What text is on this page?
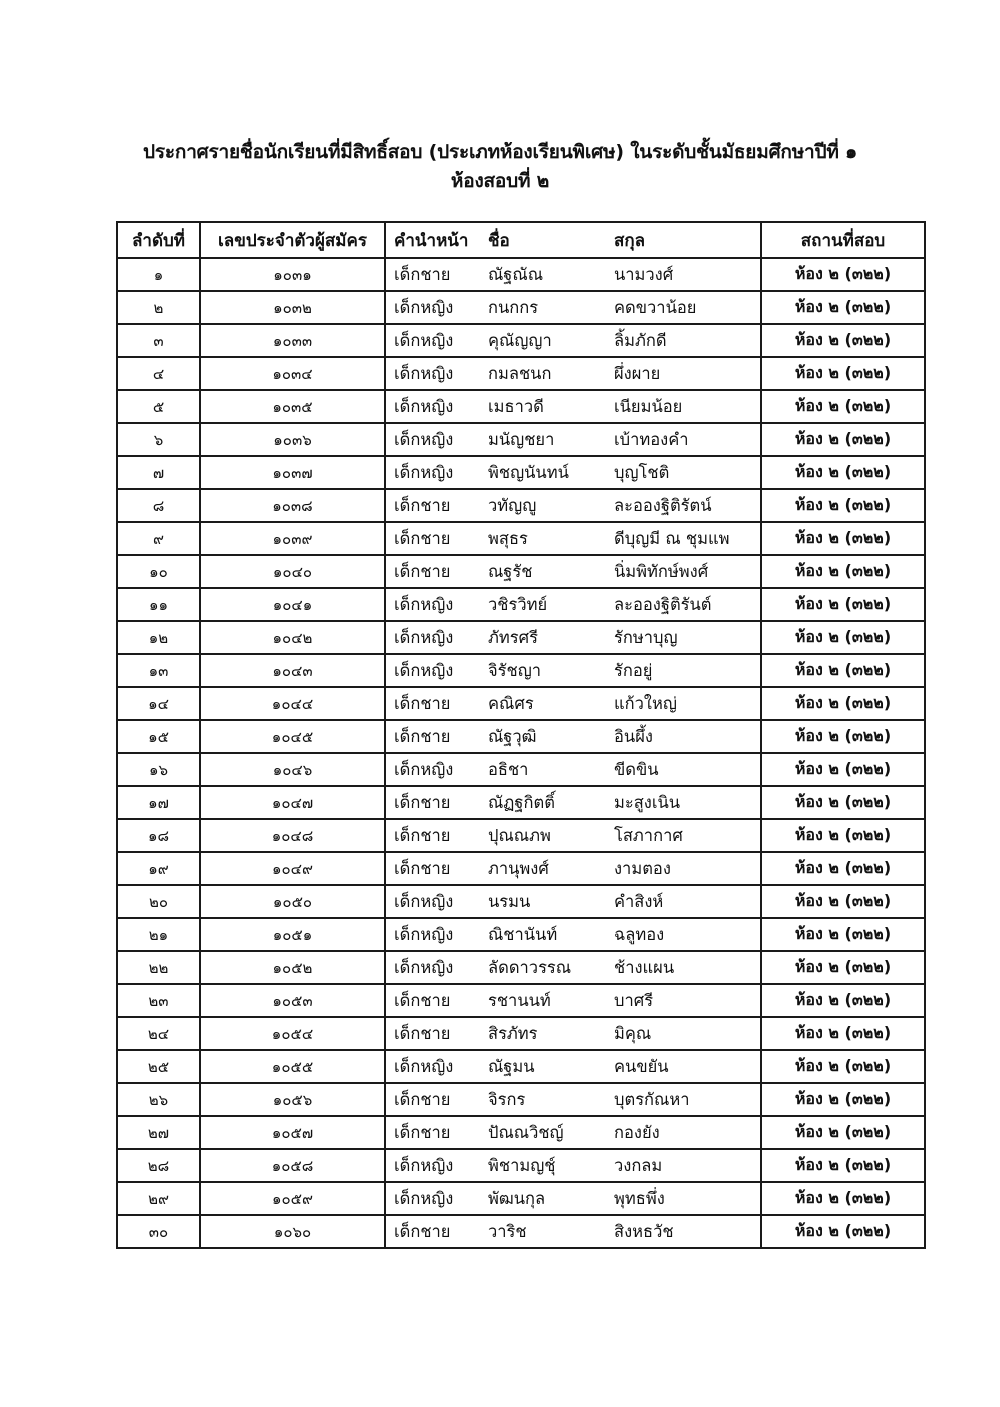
ประกาศรายชื่อนักเรียนที่มีสิทธิ์สอบ (ประเภทห้องเรียนพิเศษ) ในระดับชั้นมัธยมศึกษาปีที่ ๑
ห้องสอบที่ ๒
ลำดับที่	เลขประจำตัวผู้สมัคร	คำนำหน้า	ชื่อ	สกุล	สถานที่สอบ
๑	๑๐๓๑	เด็กชาย	ณัฐณัณ	นามวงศ์	ห้อง ๒ (๓๒๒)
๒	๑๐๓๒	เด็กหญิง	กนกกร	คดขวาน้อย	ห้อง ๒ (๓๒๒)
๓	๑๐๓๓	เด็กหญิง	คุณัญญา	ลิ้มภักดี	ห้อง ๒ (๓๒๒)
๔	๑๐๓๔	เด็กหญิง	กมลชนก	ผึ่งผาย	ห้อง ๒ (๓๒๒)
๕	๑๐๓๕	เด็กหญิง	เมธาวดี	เนียมน้อย	ห้อง ๒ (๓๒๒)
๖	๑๐๓๖	เด็กหญิง	มนัญชยา	เบ้าทองคำ	ห้อง ๒ (๓๒๒)
๗	๑๐๓๗	เด็กหญิง	พิชญนันทน์	บุญโชติ	ห้อง ๒ (๓๒๒)
๘	๑๐๓๘	เด็กชาย	วทัญญู	ละอองฐิติรัตน์	ห้อง ๒ (๓๒๒)
๙	๑๐๓๙	เด็กชาย	พสุธร	ดีบุญมี ณ ชุมแพ	ห้อง ๒ (๓๒๒)
๑๐	๑๐๔๐	เด็กชาย	ณฐรัช	นิ่มพิทักษ์พงศ์	ห้อง ๒ (๓๒๒)
๑๑	๑๐๔๑	เด็กหญิง	วชิรวิทย์	ละอองฐิติรันต์	ห้อง ๒ (๓๒๒)
๑๒	๑๐๔๒	เด็กหญิง	ภัทรศรี	รักษาบุญ	ห้อง ๒ (๓๒๒)
๑๓	๑๐๔๓	เด็กหญิง	จิรัชญา	รักอยู่	ห้อง ๒ (๓๒๒)
๑๔	๑๐๔๔	เด็กชาย	คณิศร	แก้วใหญ่	ห้อง ๒ (๓๒๒)
๑๕	๑๐๔๕	เด็กชาย	ณัฐวุฒิ	อินผึ้ง	ห้อง ๒ (๓๒๒)
๑๖	๑๐๔๖	เด็กหญิง	อธิชา	ขีดขิน	ห้อง ๒ (๓๒๒)
๑๗	๑๐๔๗	เด็กชาย	ณัฏฐกิตติ์	มะสูงเนิน	ห้อง ๒ (๓๒๒)
๑๘	๑๐๔๘	เด็กชาย	ปุณณภพ	โสภากาศ	ห้อง ๒ (๓๒๒)
๑๙	๑๐๔๙	เด็กชาย	ภานุพงศ์	งามตอง	ห้อง ๒ (๓๒๒)
๒๐	๑๐๕๐	เด็กหญิง	นรมน	คำสิงห์	ห้อง ๒ (๓๒๒)
๒๑	๑๐๕๑	เด็กหญิง	ณิชานันท์	ฉลูทอง	ห้อง ๒ (๓๒๒)
๒๒	๑๐๕๒	เด็กหญิง	ลัดดาวรรณ	ช้างแผน	ห้อง ๒ (๓๒๒)
๒๓	๑๐๕๓	เด็กชาย	รชานนท์	บาศรี	ห้อง ๒ (๓๒๒)
๒๔	๑๐๕๔	เด็กชาย	สิรภัทร	มิคุณ	ห้อง ๒ (๓๒๒)
๒๕	๑๐๕๕	เด็กหญิง	ณัฐมน	คนขยัน	ห้อง ๒ (๓๒๒)
๒๖	๑๐๕๖	เด็กชาย	จิรกร	บุตรกัณหา	ห้อง ๒ (๓๒๒)
๒๗	๑๐๕๗	เด็กชาย	ปัณณวิชญ์	กองยัง	ห้อง ๒ (๓๒๒)
๒๘	๑๐๕๘	เด็กหญิง	พิชามญชุ์	วงกลม	ห้อง ๒ (๓๒๒)
๒๙	๑๐๕๙	เด็กหญิง	พัฒนกุล	พุทธพึ่ง	ห้อง ๒ (๓๒๒)
๓๐	๑๐๖๐	เด็กชาย	วาริช	สิงหธวัช	ห้อง ๒ (๓๒๒)
